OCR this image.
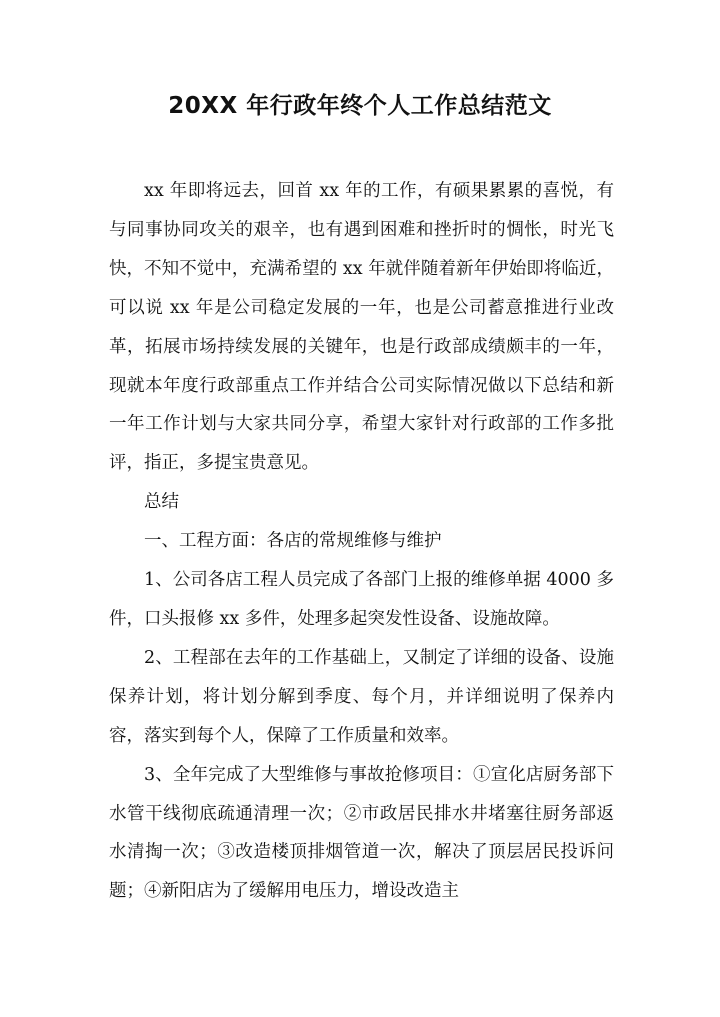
20XX 年行政年终个人工作总结范文

xx 年即将远去，回首 xx 年的工作，有硕果累累的喜悦，有与同事协同攻关的艰辛，也有遇到困难和挫折时的惆怅，时光飞快，不知不觉中，充满希望的 xx 年就伴随着新年伊始即将临近，可以说 xx 年是公司稳定发展的一年，也是公司蓄意推进行业改革，拓展市场持续发展的关键年，也是行政部成绩颇丰的一年，现就本年度行政部重点工作并结合公司实际情况做以下总结和新一年工作计划与大家共同分享，希望大家针对行政部的工作多批评，指正，多提宝贵意见。

总结

一、工程方面：各店的常规维修与维护

1、公司各店工程人员完成了各部门上报的维修单据 4000 多件，口头报修 xx 多件，处理多起突发性设备、设施故障。

2、工程部在去年的工作基础上，又制定了详细的设备、设施保养计划，将计划分解到季度、每个月，并详细说明了保养内容，落实到每个人，保障了工作质量和效率。

3、全年完成了大型维修与事故抢修项目：①宣化店厨务部下水管干线彻底疏通清理一次；②市政居民排水井堵塞往厨务部返水清掏一次；③改造楼顶排烟管道一次，解决了顶层居民投诉问题；④新阳店为了缓解用电压力，增设改造主
